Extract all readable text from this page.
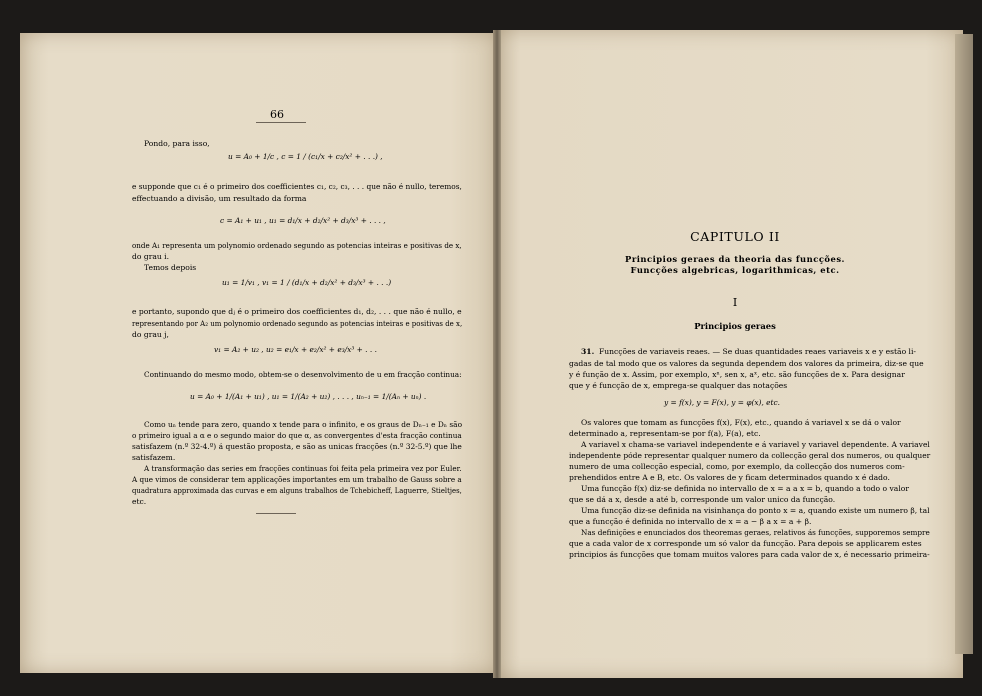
66
Pondo, para isso,
u = A₀ + 1/c , c = 1 / (c₁/x + c₂/x² + . . .) ,
e supponde que c₁ é o primeiro dos coefficientes c₁, c₂, c₃, . . . que não é nullo, teremos,
effectuando a divisão, um resultado da forma
c = A₁ + u₁ , u₁ = d₁/x + d₂/x² + d₃/x³ + . . . ,
onde A₁ representa um polynomio ordenado segundo as potencias inteiras e positivas de x,
do grau i.
Temos depois
u₁ = 1/v₁ , v₁ = 1 / (d₁/x + d₂/x² + d₃/x³ + . . .)
e portanto, supondo que dⱼ é o primeiro dos coefficientes d₁, d₂, . . . que não é nullo, e
representando por A₂ um polynomio ordenado segundo as potencias inteiras e positivas de x,
do grau j,
v₁ = A₂ + u₂ , u₂ = e₁/x + e₂/x² + e₃/x³ + . . .
Continuando do mesmo modo, obtem-se o desenvolvimento de u em fracção continua:
u = A₀ + 1/(A₁ + u₁) , u₁ = 1/(A₂ + u₂) , . . . , uₙ₋₁ = 1/(Aₙ + uₙ) .
Como uₙ tende para zero, quando x tende para o infinito, e os graus de Dₙ₋₁ e Dₙ são
o primeiro igual a α e o segundo maior do que α, as convergentes d'esta fracção continua
satisfazem (n.º 32-4.º) á questão proposta, e são as unicas fracções (n.º 32-5.º) que lhe
satisfazem.
A transformação das series em fracções continuas foi feita pela primeira vez por Euler.
A que vimos de considerar tem applicações importantes em um trabalho de Gauss sobre a
quadratura approximada das curvas e em alguns trabalhos de Tchebicheff, Laguerre, Stieltjes,
etc.
CAPITULO II
Principios geraes da theoria das funcções.
Funcções algebricas, logarithmicas, etc.
I
Principios geraes
31. Funcções de variaveis reaes. — Se duas quantidades reaes variaveis x e y estão li-
gadas de tal modo que os valores da segunda dependem dos valores da primeira, diz-se que
y é função de x. Assim, por exemplo, xⁿ, sen x, aˣ, etc. são funcções de x. Para designar
que y é funcção de x, emprega-se qualquer das notações
y = f(x), y = F(x), y = φ(x), etc.
Os valores que tomam as funcções f(x), F(x), etc., quando á variavel x se dá o valor
determinado a, representam-se por f(a), F(a), etc.
A variavel x chama-se variavel independente e á variavel y variavel dependente. A variavel
independente póde representar qualquer numero da collecção geral dos numeros, ou qualquer
numero de uma collecção especial, como, por exemplo, da collecção dos numeros com-
prehendidos entre A e B, etc. Os valores de y ficam determinados quando x é dado.
Uma funcção f(x) diz-se definida no intervallo de x = a a x = b, quando a todo o valor
que se dá a x, desde a até b, corresponde um valor unico da funcção.
Uma funcção diz-se definida na visinhança do ponto x = a, quando existe um numero β, tal
que a funcção é definida no intervallo de x = a − β a x = a + β.
Nas definições e enunciados dos theoremas geraes, relativos ás funcções, supporemos sempre
que a cada valor de x corresponde um só valor da funcção. Para depois se applicarem estes
principios ás funcções que tomam muitos valores para cada valor de x, é necessario primeira-
